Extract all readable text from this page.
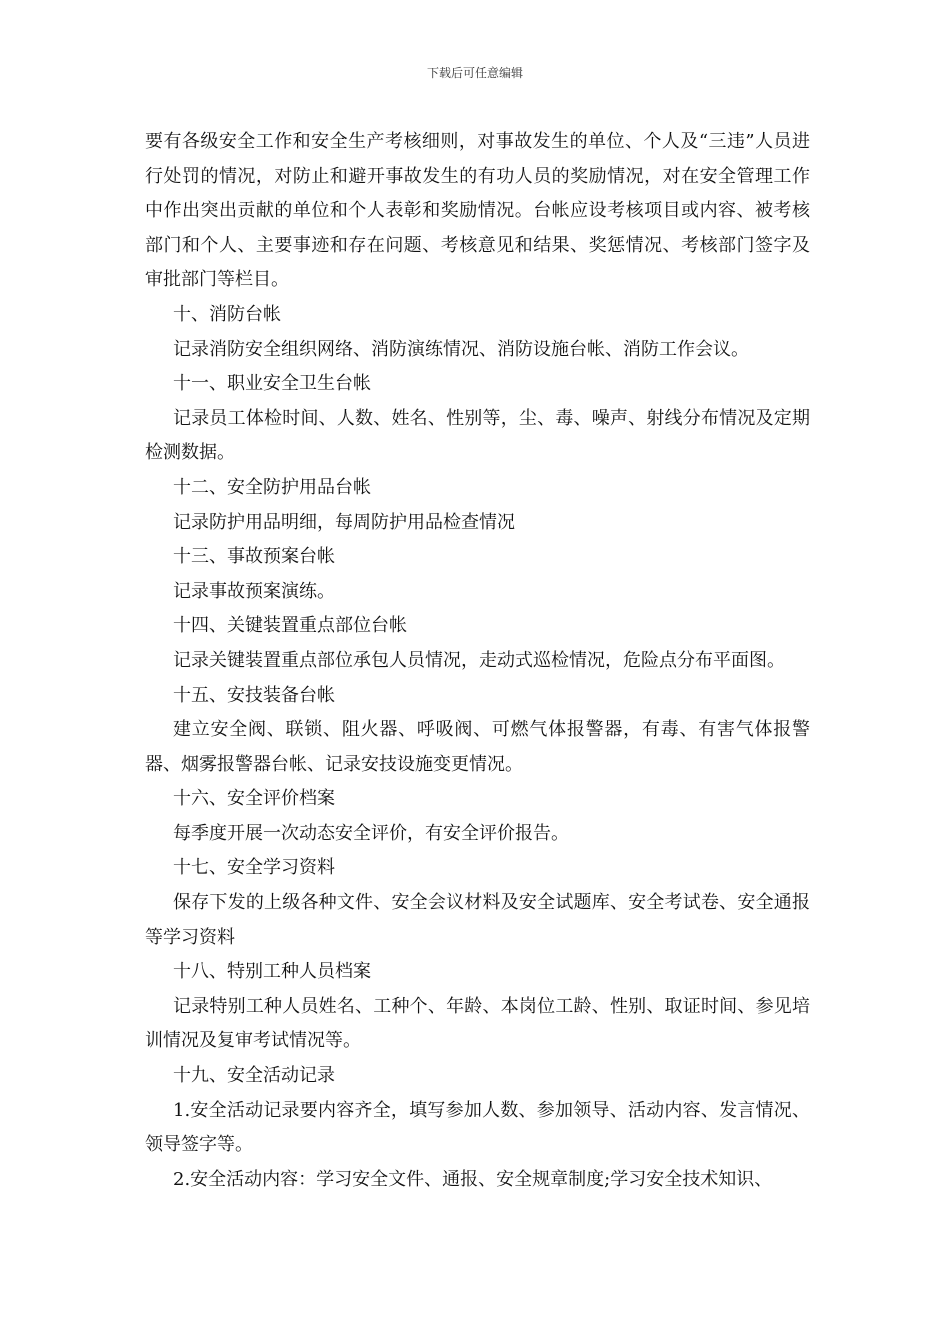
下载后可任意编辑

要有各级安全工作和安全生产考核细则，对事故发生的单位、个人及“三违”人员进行处罚的情况，对防止和避开事故发生的有功人员的奖励情况，对在安全管理工作中作出突出贡献的单位和个人表彰和奖励情况。台帐应设考核项目或内容、被考核部门和个人、主要事迹和存在问题、考核意见和结果、奖惩情况、考核部门签字及审批部门等栏目。

十、消防台帐

记录消防安全组织网络、消防演练情况、消防设施台帐、消防工作会议。

十一、职业安全卫生台帐

记录员工体检时间、人数、姓名、性别等，尘、毒、噪声、射线分布情况及定期检测数据。

十二、安全防护用品台帐

记录防护用品明细，每周防护用品检查情况

十三、事故预案台帐

记录事故预案演练。

十四、关键装置重点部位台帐

记录关键装置重点部位承包人员情况，走动式巡检情况，危险点分布平面图。

十五、安技装备台帐

建立安全阀、联锁、阻火器、呼吸阀、可燃气体报警器，有毒、有害气体报警器、烟雾报警器台帐、记录安技设施变更情况。

十六、安全评价档案

每季度开展一次动态安全评价，有安全评价报告。

十七、安全学习资料

保存下发的上级各种文件、安全会议材料及安全试题库、安全考试卷、安全通报等学习资料

十八、特别工种人员档案

记录特别工种人员姓名、工种个、年龄、本岗位工龄、性别、取证时间、参见培训情况及复审考试情况等。

十九、安全活动记录

1.安全活动记录要内容齐全，填写参加人数、参加领导、活动内容、发言情况、领导签字等。

2.安全活动内容：学习安全文件、通报、安全规章制度;学习安全技术知识、
